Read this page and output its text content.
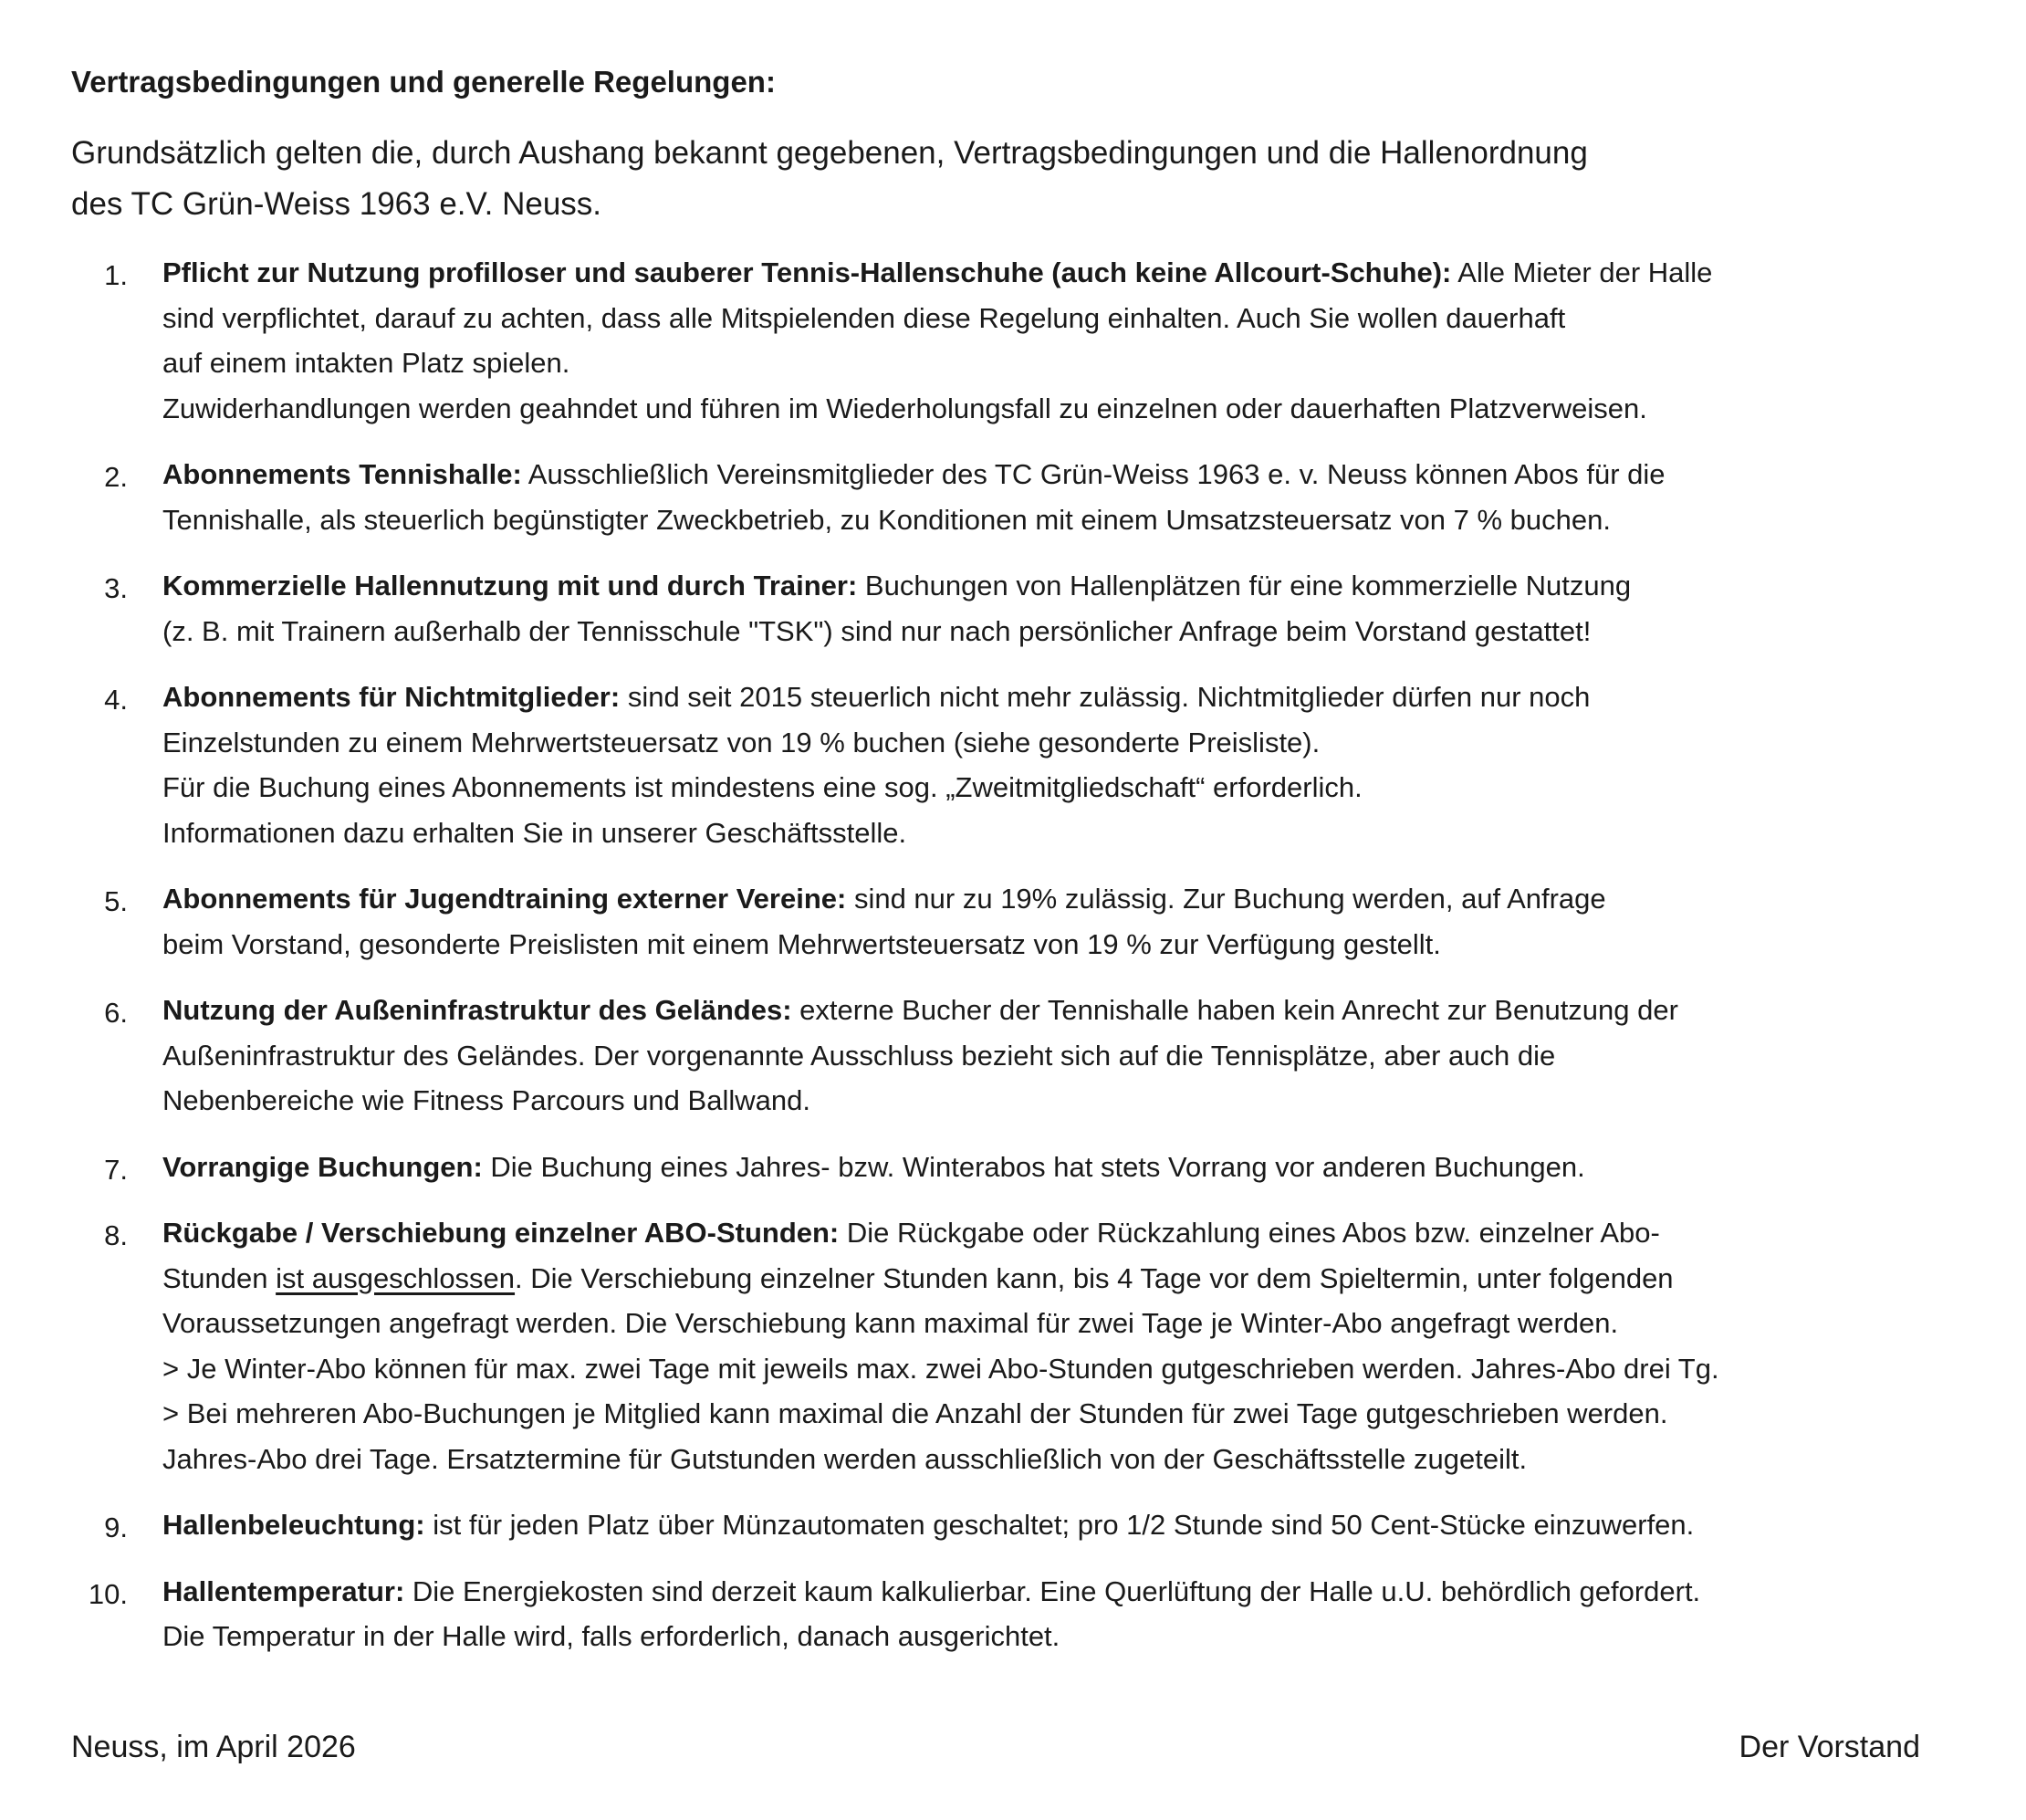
Vertragsbedingungen und generelle Regelungen:
Grundsätzlich gelten die, durch Aushang bekannt gegebenen, Vertragsbedingungen und die Hallenordnung
des TC Grün-Weiss 1963 e.V. Neuss.
1. Pflicht zur Nutzung profilloser und sauberer Tennis-Hallenschuhe (auch keine Allcourt-Schuhe): Alle Mieter der Halle
sind verpflichtet, darauf zu achten, dass alle Mitspielenden diese Regelung einhalten. Auch Sie wollen dauerhaft
auf einem intakten Platz spielen.
Zuwiderhandlungen werden geahndet und führen im Wiederholungsfall zu einzelnen oder dauerhaften Platzverweisen.
2. Abonnements Tennishalle: Ausschließlich Vereinsmitglieder des TC Grün-Weiss 1963 e. v. Neuss können Abos für die
Tennishalle, als steuerlich begünstigter Zweckbetrieb, zu Konditionen mit einem Umsatzsteuersatz von 7 % buchen.
3. Kommerzielle Hallennutzung mit und durch Trainer: Buchungen von Hallenplätzen für eine kommerzielle Nutzung
(z. B. mit Trainern außerhalb der Tennisschule "TSK") sind nur nach persönlicher Anfrage beim Vorstand gestattet!
4. Abonnements für Nichtmitglieder: sind seit 2015 steuerlich nicht mehr zulässig. Nichtmitglieder dürfen nur noch
Einzelstunden zu einem Mehrwertsteuersatz von 19 % buchen (siehe gesonderte Preisliste).
Für die Buchung eines Abonnements ist mindestens eine sog. „Zweitmitgliedschaft“ erforderlich.
Informationen dazu erhalten Sie in unserer Geschäftsstelle.
5. Abonnements für Jugendtraining externer Vereine: sind nur zu 19% zulässig. Zur Buchung werden, auf Anfrage
beim Vorstand, gesonderte Preislisten mit einem Mehrwertsteuersatz von 19 % zur Verfügung gestellt.
6. Nutzung der Außeninfrastruktur des Geländes: externe Bucher der Tennishalle haben kein Anrecht zur Benutzung der
Außeninfrastruktur des Geländes. Der vorgenannte Ausschluss bezieht sich auf die Tennisplätze, aber auch die
Nebenbereiche wie Fitness Parcours und Ballwand.
7. Vorrangige Buchungen: Die Buchung eines Jahres- bzw. Winterabos hat stets Vorrang vor anderen Buchungen.
8. Rückgabe / Verschiebung einzelner ABO-Stunden: Die Rückgabe oder Rückzahlung eines Abos bzw. einzelner Abo-
Stunden ist ausgeschlossen. Die Verschiebung einzelner Stunden kann, bis 4 Tage vor dem Spieltermin, unter folgenden
Voraussetzungen angefragt werden. Die Verschiebung kann maximal für zwei Tage je Winter-Abo angefragt werden.
> Je Winter-Abo können für max. zwei Tage mit jeweils max. zwei Abo-Stunden gutgeschrieben werden. Jahres-Abo drei Tg.
> Bei mehreren Abo-Buchungen je Mitglied kann maximal die Anzahl der Stunden für zwei Tage gutgeschrieben werden.
Jahres-Abo drei Tage. Ersatztermine für Gutstunden werden ausschließlich von der Geschäftsstelle zugeteilt.
9. Hallenbeleuchtung: ist für jeden Platz über Münzautomaten geschaltet; pro 1/2 Stunde sind 50 Cent-Stücke einzuwerfen.
10. Hallentemperatur: Die Energiekosten sind derzeit kaum kalkulierbar. Eine Querlüftung der Halle u.U. behördlich gefordert.
Die Temperatur in der Halle wird, falls erforderlich, danach ausgerichtet.
Neuss, im April 2026	Der Vorstand
